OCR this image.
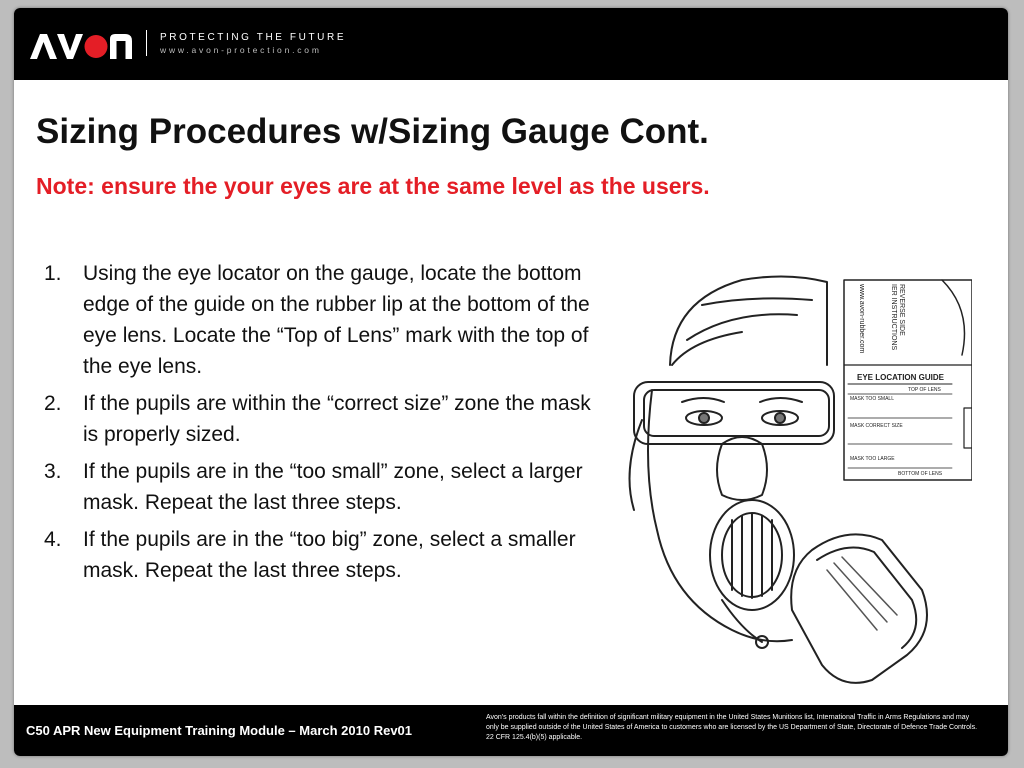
PROTECTING THE FUTURE
www.avon-protection.com
Sizing Procedures w/Sizing Gauge Cont.
Note: ensure the your eyes are at the same level as the users.
1. Using the eye locator on the gauge, locate the bottom edge of the guide on the rubber lip at the bottom of the eye lens. Locate the “Top of Lens” mark with the top of the eye lens.
2. If the pupils are within the “correct size” zone the mask is properly sized.
3. If the pupils are in the “too small” zone, select a larger mask. Repeat the last three steps.
4. If the pupils are in the “too big” zone, select a smaller mask. Repeat the last three steps.
www.avon-rubber.com	IER INSTRUCTIONS REVERSE SIDE
EYE LOCATION GUIDE
TOP OF LENS
MASK TOO SMALL
MASK CORRECT SIZE
MASK TOO LARGE
BOTTOM OF LENS
C50 APR New Equipment Training Module – March 2010 Rev01
Avon's products fall within the definition of significant military equipment in the United States Munitions list, International Traffic in Arms Regulations and may
only be supplied outside of the United States of America to customers who are licensed by the US Department of State, Directorate of Defence Trade Controls.
22 CFR 125.4(b)(5) applicable.
